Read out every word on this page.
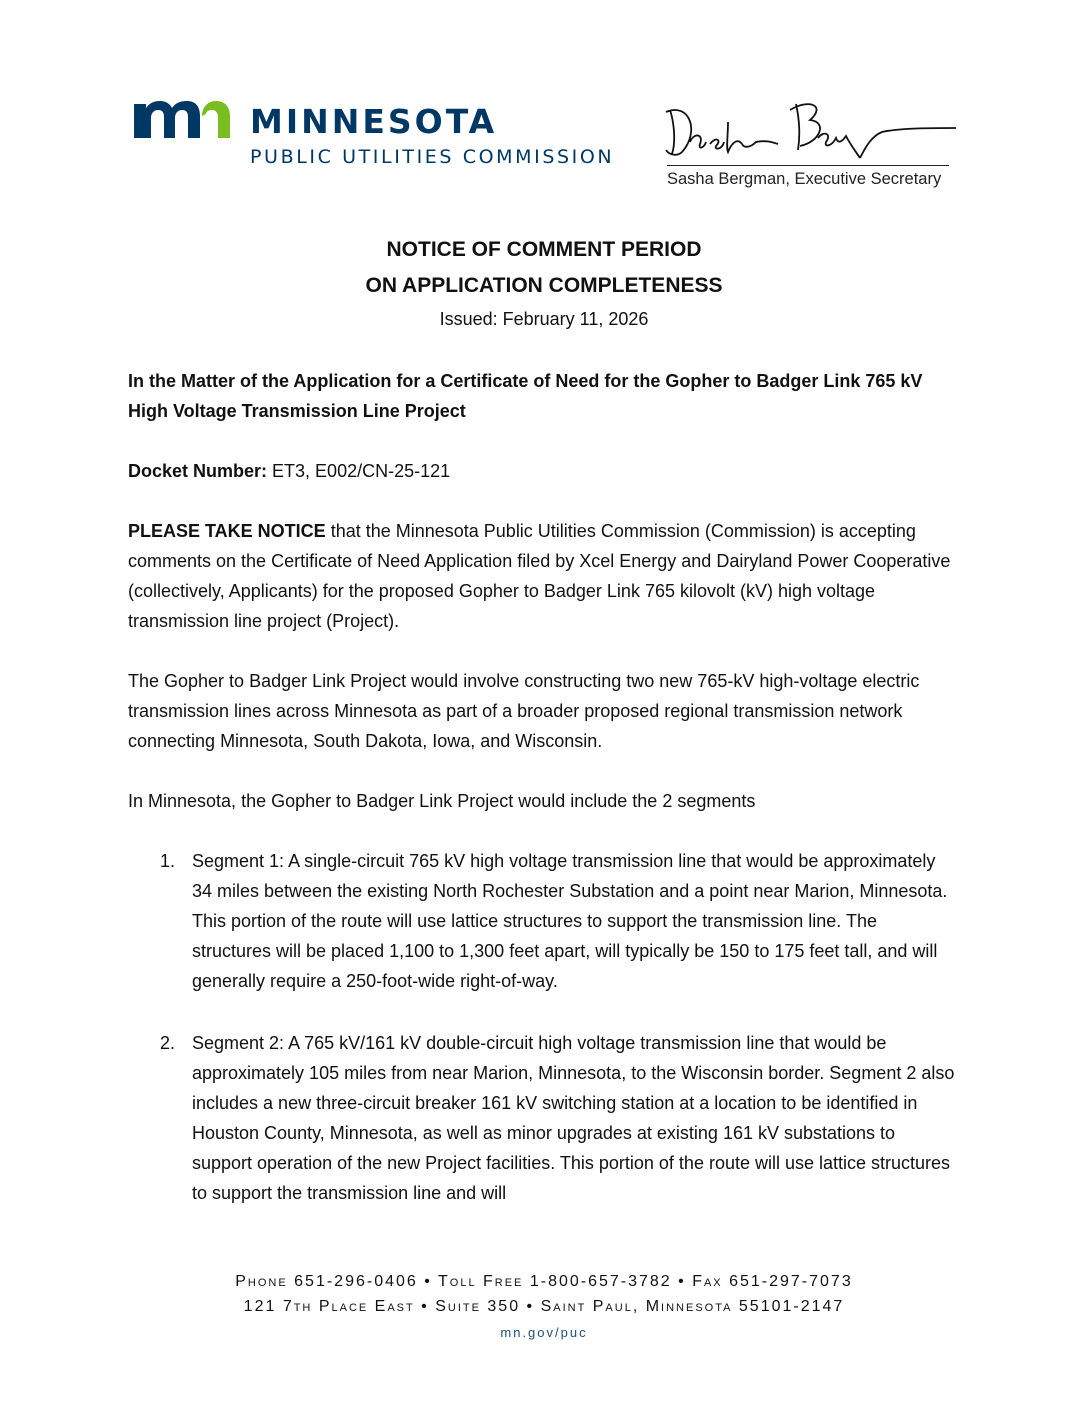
MINNESOTA
PUBLIC UTILITIES COMMISSION
Sasha Bergman, Executive Secretary
NOTICE OF COMMENT PERIOD
ON APPLICATION COMPLETENESS
Issued: February 11, 2026
In the Matter of the Application for a Certificate of Need for the Gopher to Badger Link 765 kV High Voltage Transmission Line Project
Docket Number: ET3, E002/CN-25-121
PLEASE TAKE NOTICE that the Minnesota Public Utilities Commission (Commission) is accepting comments on the Certificate of Need Application filed by Xcel Energy and Dairyland Power Cooperative (collectively, Applicants) for the proposed Gopher to Badger Link 765 kilovolt (kV) high voltage transmission line project (Project).
The Gopher to Badger Link Project would involve constructing two new 765-kV high-voltage electric transmission lines across Minnesota as part of a broader proposed regional transmission network connecting Minnesota, South Dakota, Iowa, and Wisconsin.
In Minnesota, the Gopher to Badger Link Project would include the 2 segments
1. Segment 1: A single-circuit 765 kV high voltage transmission line that would be approximately 34 miles between the existing North Rochester Substation and a point near Marion, Minnesota. This portion of the route will use lattice structures to support the transmission line. The structures will be placed 1,100 to 1,300 feet apart, will typically be 150 to 175 feet tall, and will generally require a 250-foot-wide right-of-way.
2. Segment 2: A 765 kV/161 kV double-circuit high voltage transmission line that would be approximately 105 miles from near Marion, Minnesota, to the Wisconsin border. Segment 2 also includes a new three-circuit breaker 161 kV switching station at a location to be identified in Houston County, Minnesota, as well as minor upgrades at existing 161 kV substations to support operation of the new Project facilities. This portion of the route will use lattice structures to support the transmission line and will
Phone 651-296-0406 • Toll Free 1-800-657-3782 • Fax 651-297-7073
121 7th Place East • Suite 350 • Saint Paul, Minnesota 55101-2147
mn.gov/puc
